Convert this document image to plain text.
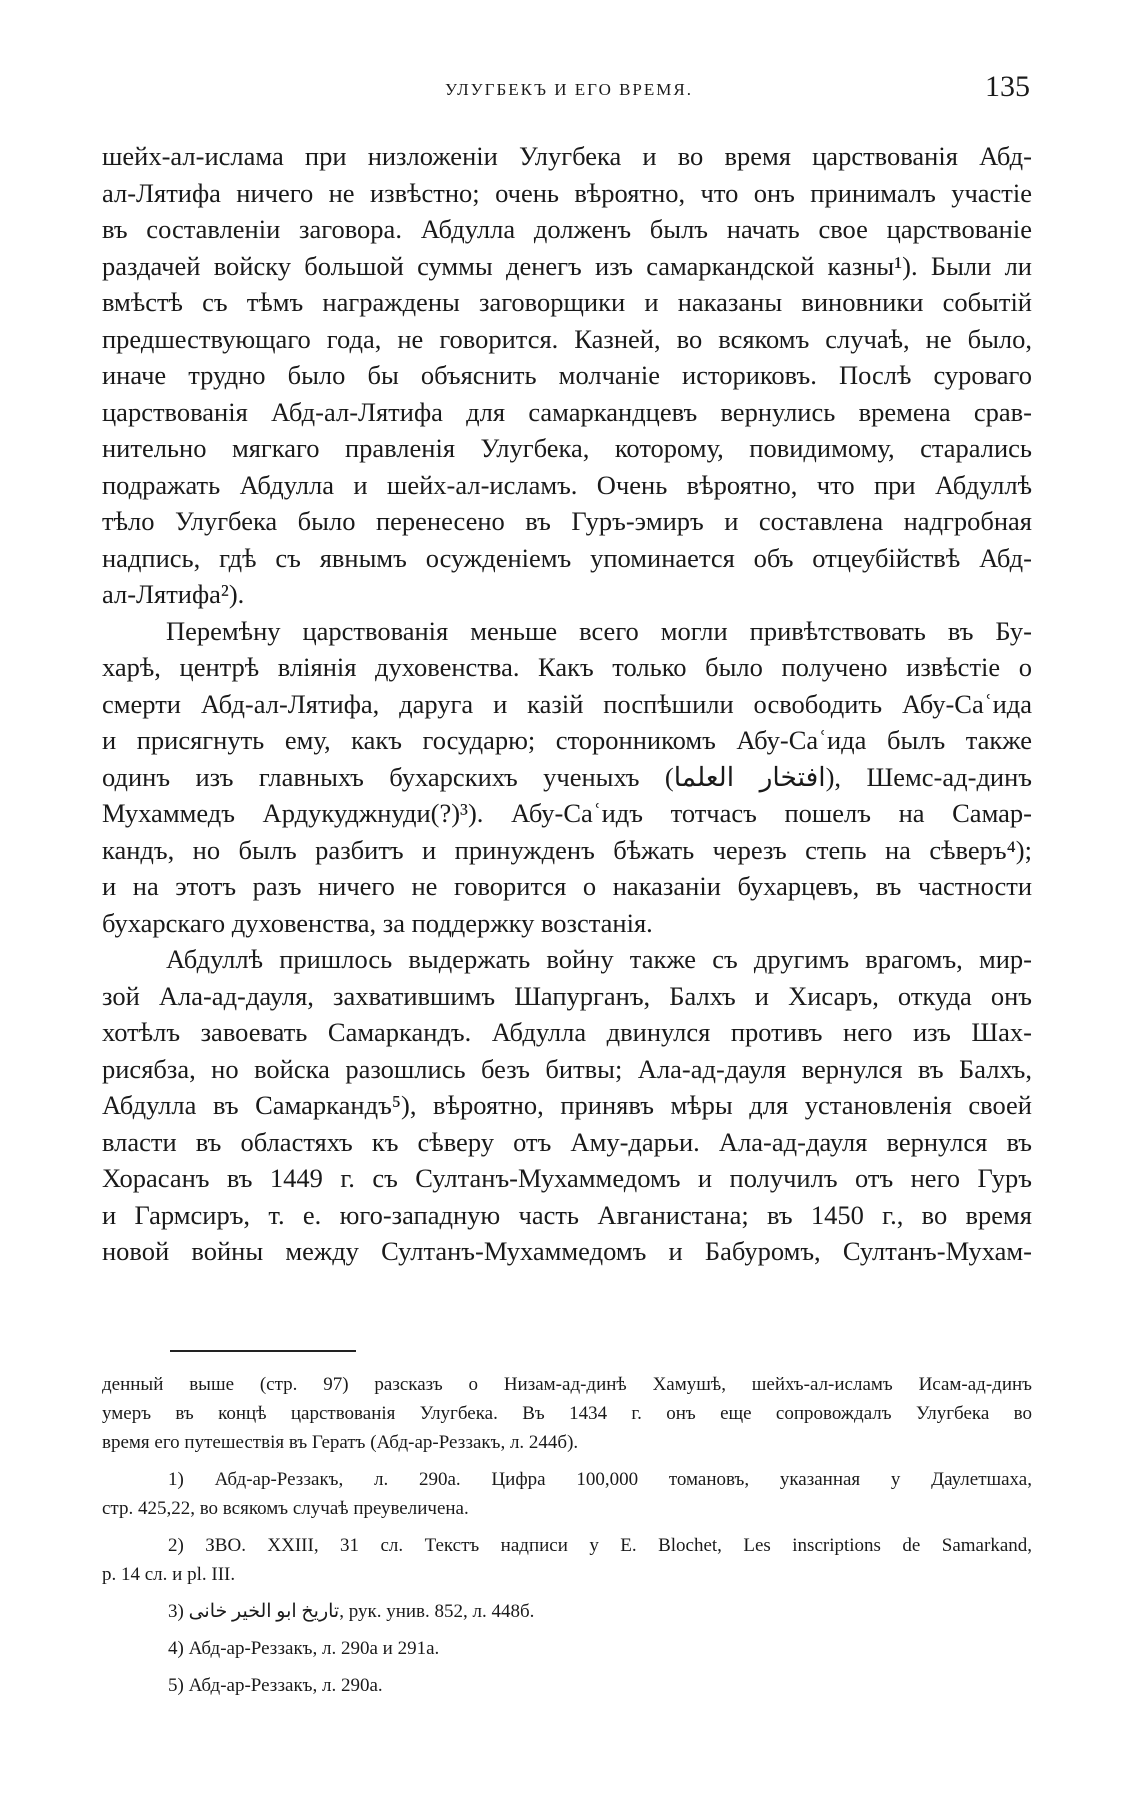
УЛУГБЕКЪ И ЕГО ВРЕМЯ.	135
шейх-ал-ислама при низложенiи Улугбека и во время царствованiя Абд-
ал-Лятифа ничего не извѣстно; очень вѣроятно, что онъ принималъ участiе
въ составленiи заговора. Абдулла долженъ былъ начать свое царствованiе
раздачей войску большой суммы денегъ изъ самаркандской казны¹). Были ли
вмѣстѣ съ тѣмъ награждены заговорщики и наказаны виновники событiй
предшествующаго года, не говорится. Казней, во всякомъ случаѣ, не было,
иначе трудно было бы объяснить молчанiе историковъ. Послѣ суроваго
царствованiя Абд-ал-Лятифа для самаркандцевъ вернулись времена срав-
нительно мягкаго правленiя Улугбека, которому, повидимому, старались
подражать Абдулла и шейх-ал-исламъ. Очень вѣроятно, что при Абдуллѣ
тѣло Улугбека было перенесено въ Гуръ-эмиръ и составлена надгробная
надпись, гдѣ съ явнымъ осужденiемъ упоминается объ отцеубiйствѣ Абд-
ал-Лятифа²).
Перемѣну царствованiя меньше всего могли привѣтствовать въ Бу-
харѣ, центрѣ влiянiя духовенства. Какъ только было получено извѣстiе о
смерти Абд-ал-Лятифа, даруга и казiй поспѣшили освободить Абу-Саʿида
и присягнуть ему, какъ государю; сторонникомъ Абу-Саʿида былъ также
одинъ изъ главныхъ бухарскихъ ученыхъ (افتخار العلما), Шемс-ад-динъ
Мухаммедъ Ардукуджнуди(?)³). Абу-Саʿидъ тотчасъ пошелъ на Самар-
кандъ, но былъ разбитъ и принужденъ бѣжать черезъ степь на сѣверъ⁴);
и на этотъ разъ ничего не говорится о наказанiи бухарцевъ, въ частности
бухарскаго духовенства, за поддержку возстанiя.
Абдуллѣ пришлось выдержать войну также съ другимъ врагомъ, мир-
зой Ала-ад-дауля, захватившимъ Шапурганъ, Балхъ и Хисаръ, откуда онъ
хотѣлъ завоевать Самаркандъ. Абдулла двинулся противъ него изъ Шах-
рисябза, но войска разошлись безъ битвы; Ала-ад-дауля вернулся въ Балхъ,
Абдулла въ Самаркандъ⁵), вѣроятно, принявъ мѣры для установленiя своей
власти въ областяхъ къ сѣверу отъ Аму-дарьи. Ала-ад-дауля вернулся въ
Хорасанъ въ 1449 г. съ Султанъ-Мухаммедомъ и получилъ отъ него Гуръ
и Гармсиръ, т. е. юго-западную часть Авганистана; въ 1450 г., во время
новой войны между Султанъ-Мухаммедомъ и Бабуромъ, Султанъ-Мухам-
денный выше (стр. 97) разсказъ о Низам-ад-динѣ Хамушѣ, шейхъ-ал-исламъ Исам-ад-динъ
умеръ въ концѣ царствованiя Улугбека. Въ 1434 г. онъ еще сопровождалъ Улугбека во
время его путешествiя въ Гератъ (Абд-ар-Реззакъ, л. 244б).
1) Абд-ар-Реззакъ, л. 290а. Цифра 100,000 томановъ, указанная у Даулетшаха,
стр. 425,22, во всякомъ случаѣ преувеличена.
2) ЗВО. XXIII, 31 сл. Текстъ надписи у E. Blochet, Les inscriptions de Samarkand,
p. 14 сл. и pl. III.
3) تاريخ ابو الخير خانى, рук. унив. 852, л. 448б.
4) Абд-ар-Реззакъ, л. 290а и 291а.
5) Абд-ар-Реззакъ, л. 290а.
